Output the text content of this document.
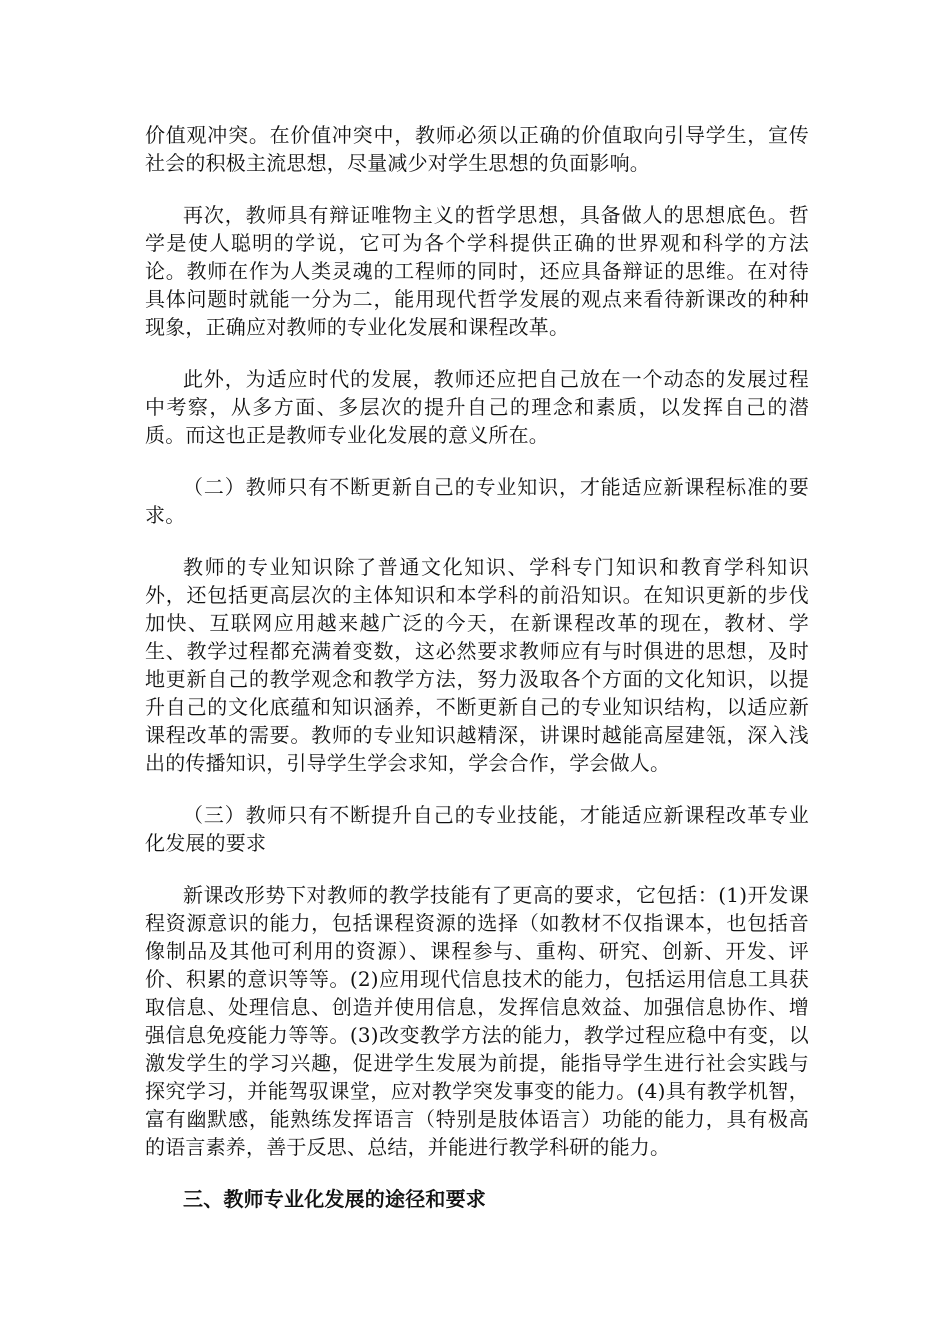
价值观冲突。在价值冲突中，教师必须以正确的价值取向引导学生，宣传社会的积极主流思想，尽量减少对学生思想的负面影响。

再次，教师具有辩证唯物主义的哲学思想，具备做人的思想底色。哲学是使人聪明的学说，它可为各个学科提供正确的世界观和科学的方法论。教师在作为人类灵魂的工程师的同时，还应具备辩证的思维。在对待具体问题时就能一分为二，能用现代哲学发展的观点来看待新课改的种种现象，正确应对教师的专业化发展和课程改革。

此外，为适应时代的发展，教师还应把自己放在一个动态的发展过程中考察，从多方面、多层次的提升自己的理念和素质，以发挥自己的潜质。而这也正是教师专业化发展的意义所在。

（二）教师只有不断更新自己的专业知识，才能适应新课程标准的要求。

教师的专业知识除了普通文化知识、学科专门知识和教育学科知识外，还包括更高层次的主体知识和本学科的前沿知识。在知识更新的步伐加快、互联网应用越来越广泛的今天，在新课程改革的现在，教材、学生、教学过程都充满着变数，这必然要求教师应有与时俱进的思想，及时地更新自己的教学观念和教学方法，努力汲取各个方面的文化知识，以提升自己的文化底蕴和知识涵养，不断更新自己的专业知识结构，以适应新课程改革的需要。教师的专业知识越精深，讲课时越能高屋建瓴，深入浅出的传播知识，引导学生学会求知，学会合作，学会做人。

（三）教师只有不断提升自己的专业技能，才能适应新课程改革专业化发展的要求

新课改形势下对教师的教学技能有了更高的要求，它包括：(1)开发课程资源意识的能力，包括课程资源的选择（如教材不仅指课本，也包括音像制品及其他可利用的资源）、课程参与、重构、研究、创新、开发、评价、积累的意识等等。(2)应用现代信息技术的能力，包括运用信息工具获取信息、处理信息、创造并使用信息，发挥信息效益、加强信息协作、增强信息免疫能力等等。(3)改变教学方法的能力，教学过程应稳中有变，以激发学生的学习兴趣，促进学生发展为前提，能指导学生进行社会实践与探究学习，并能驾驭课堂，应对教学突发事变的能力。(4)具有教学机智，富有幽默感，能熟练发挥语言（特别是肢体语言）功能的能力，具有极高的语言素养，善于反思、总结，并能进行教学科研的能力。

三、教师专业化发展的途径和要求
